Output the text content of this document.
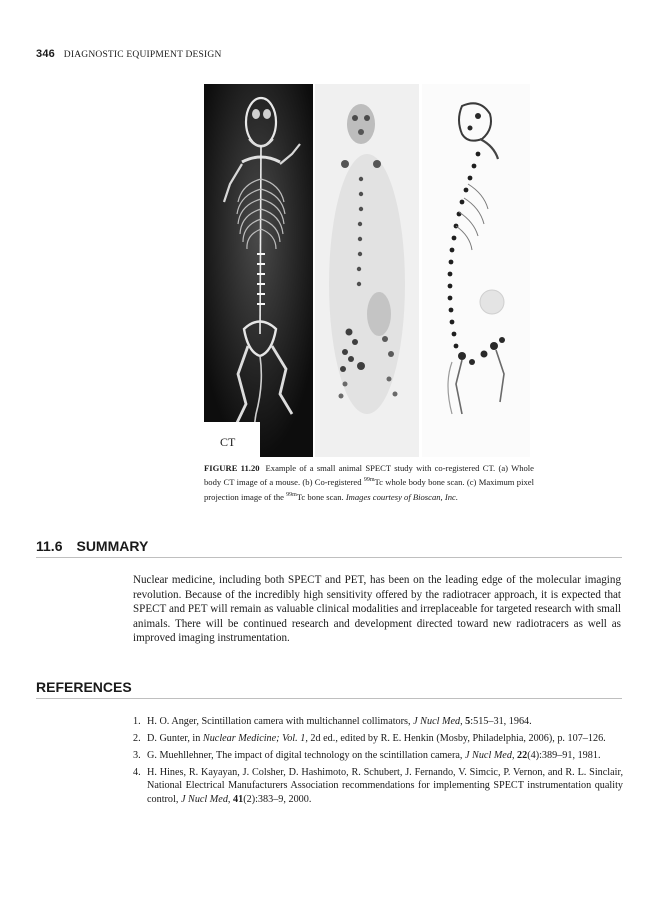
346 DIAGNOSTIC EQUIPMENT DESIGN
CT
FIGURE 11.20 Example of a small animal SPECT study with co-registered CT. (a) Whole body CT image of a mouse. (b) Co-registered $^{99m}$Tc whole body bone scan. (c) Maximum pixel projection image of the $^{99m}$Tc bone scan. Images courtesy of Bioscan, Inc.
11.6 SUMMARY

Nuclear medicine, including both SPECT and PET, has been on the leading edge of the molecular imaging revolution. Because of the incredibly high sensitivity offered by the radiotracer approach, it is expected that SPECT and PET will remain as valuable clinical modalities and irreplaceable for targeted research with small animals. There will be continued research and development directed toward new radiotracers as well as improved imaging instrumentation.

REFERENCES
1. H. O. Anger, Scintillation camera with multichannel collimators, J Nucl Med, 5:515–31, 1964.
2. D. Gunter, in Nuclear Medicine; Vol. 1, 2d ed., edited by R. E. Henkin (Mosby, Philadelphia, 2006), p. 107–126.
3. G. Muehllehner, The impact of digital technology on the scintillation camera, J Nucl Med, 22(4):389–91, 1981.
4. H. Hines, R. Kayayan, J. Colsher, D. Hashimoto, R. Schubert, J. Fernando, V. Simcic, P. Vernon, and R. L. Sinclair, National Electrical Manufacturers Association recommendations for implementing SPECT instrumentation quality control, J Nucl Med, 41(2):383–9, 2000.
